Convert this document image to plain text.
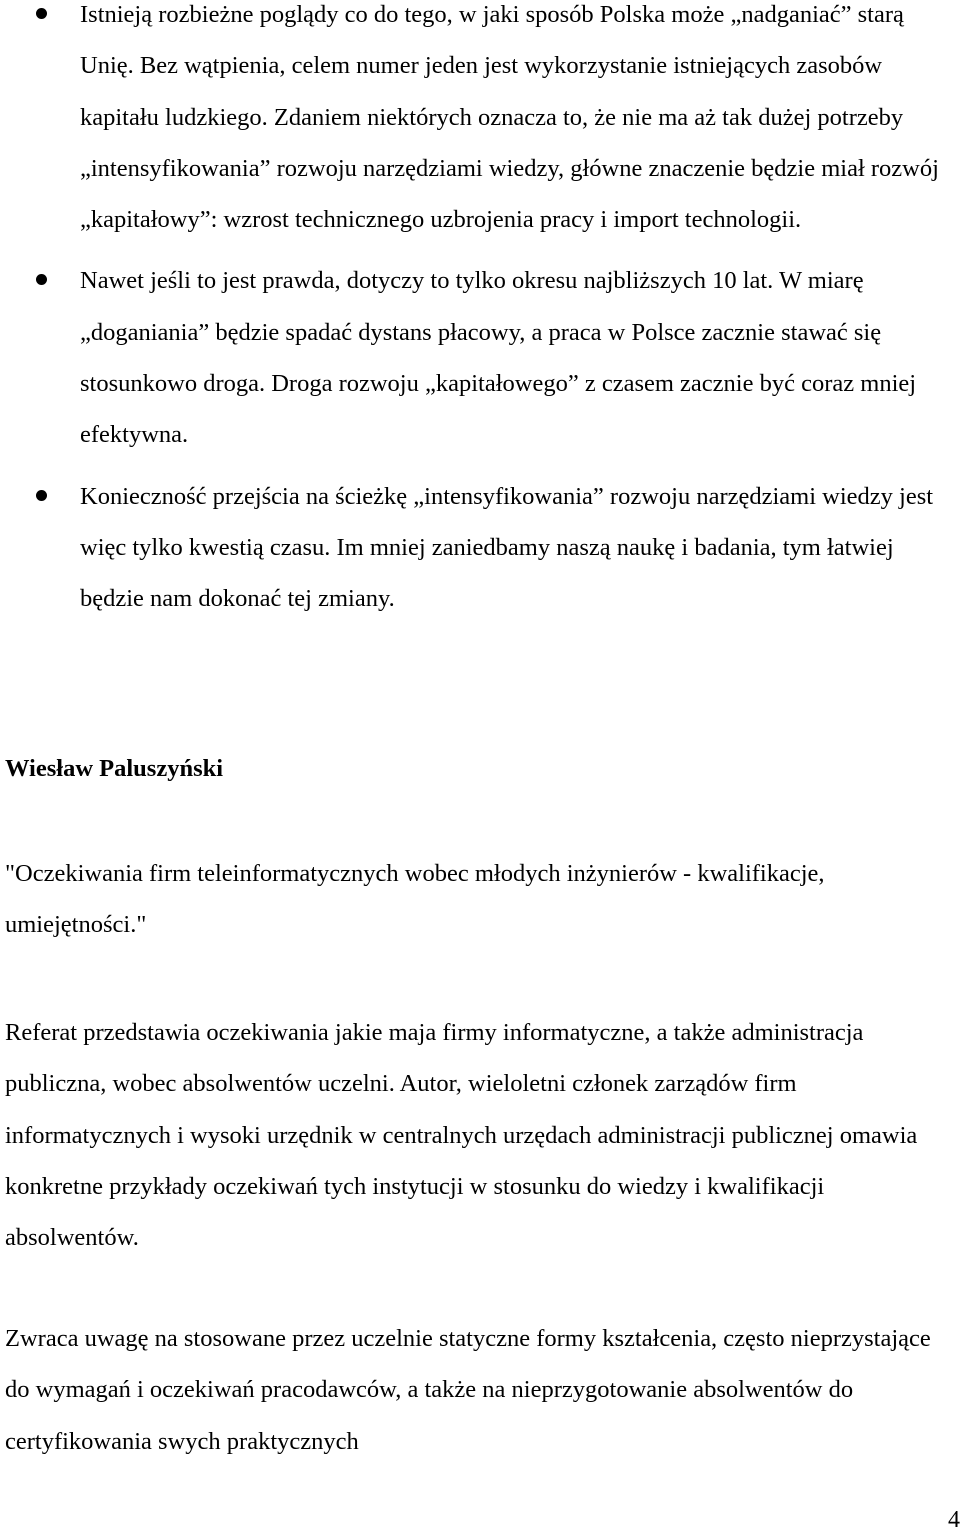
Istnieją rozbieżne poglądy co do tego, w jaki sposób Polska może „nadganiać” starą Unię. Bez wątpienia, celem numer jeden jest wykorzystanie istniejących zasobów kapitału ludzkiego. Zdaniem niektórych oznacza to, że nie ma aż tak dużej potrzeby „intensyfikowania” rozwoju narzędziami wiedzy, główne znaczenie będzie miał rozwój „kapitałowy”: wzrost technicznego uzbrojenia pracy i import technologii.
Nawet jeśli to jest prawda, dotyczy to tylko okresu najbliższych 10 lat. W miarę „doganiania” będzie spadać dystans płacowy, a praca w Polsce zacznie stawać się stosunkowo droga. Droga rozwoju „kapitałowego” z czasem zacznie być coraz mniej efektywna.
Konieczność przejścia na ścieżkę „intensyfikowania” rozwoju narzędziami wiedzy jest więc tylko kwestią czasu. Im mniej zaniedbamy naszą naukę i badania, tym łatwiej będzie nam dokonać tej zmiany.

Wiesław Paluszyński

"Oczekiwania firm teleinformatycznych wobec młodych inżynierów - kwalifikacje, umiejętności."

Referat przedstawia oczekiwania jakie maja firmy informatyczne, a także administracja publiczna, wobec absolwentów uczelni. Autor, wieloletni członek zarządów firm informatycznych i wysoki urzędnik w centralnych urzędach administracji publicznej omawia konkretne przykłady oczekiwań tych instytucji w stosunku do wiedzy i kwalifikacji absolwentów.

Zwraca uwagę na stosowane przez uczelnie statyczne formy kształcenia, często nieprzystające do wymagań i oczekiwań pracodawców, a także na nieprzygotowanie absolwentów do certyfikowania swych praktycznych

4
